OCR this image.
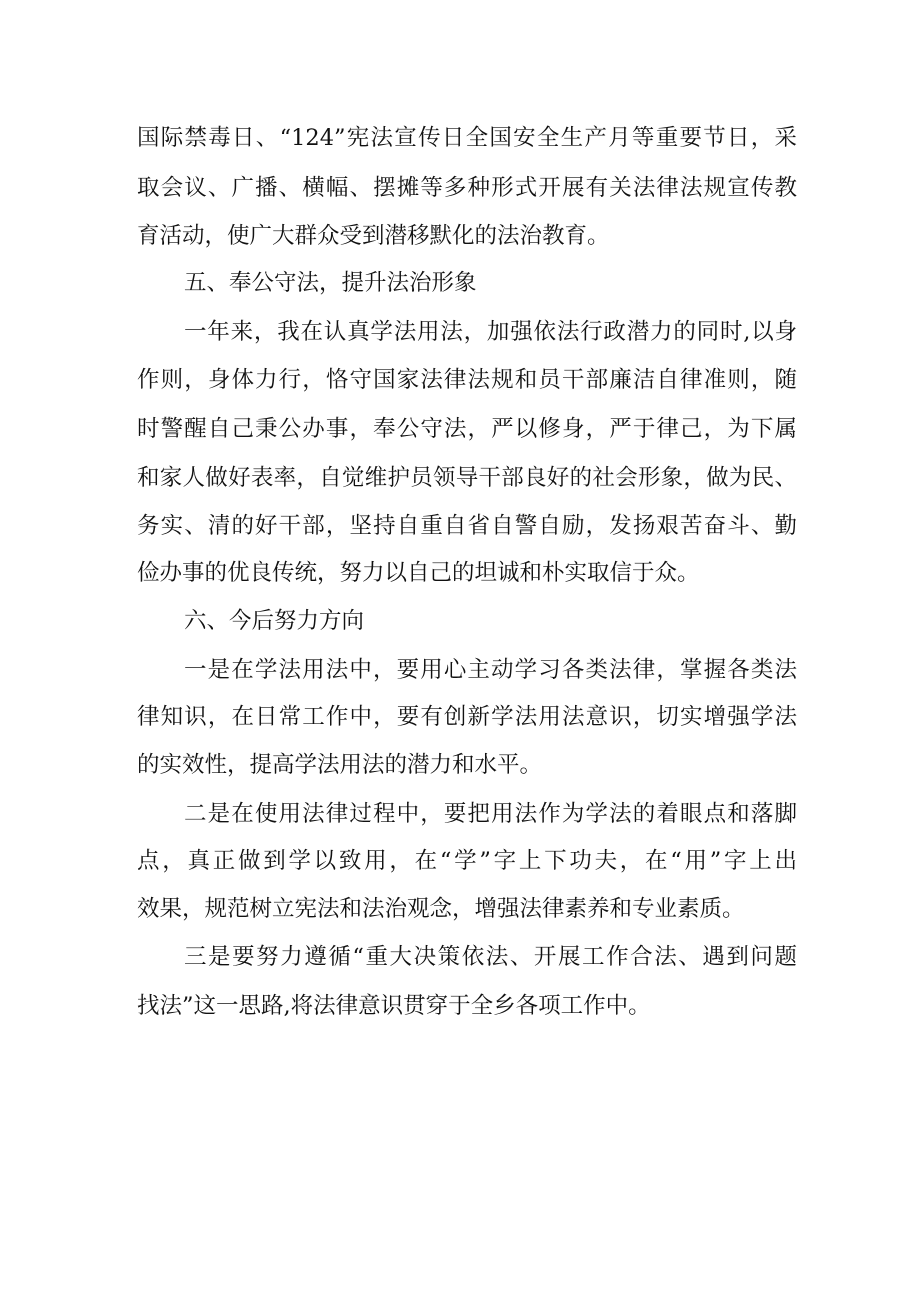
国际禁毒日、“124”宪法宣传日全国安全生产月等重要节日，采
取会议、广播、横幅、摆摊等多种形式开展有关法律法规宣传教
育活动，使广大群众受到潜移默化的法治教育。
五、奉公守法，提升法治形象
一年来，我在认真学法用法，加强依法行政潜力的同时,以身
作则，身体力行，恪守国家法律法规和员干部廉洁自律准则，随
时警醒自己秉公办事，奉公守法，严以修身，严于律己，为下属
和家人做好表率，自觉维护员领导干部良好的社会形象，做为民、
务实、清的好干部，坚持自重自省自警自励，发扬艰苦奋斗、勤
俭办事的优良传统，努力以自己的坦诚和朴实取信于众。
六、今后努力方向
一是在学法用法中，要用心主动学习各类法律，掌握各类法
律知识，在日常工作中，要有创新学法用法意识，切实增强学法
的实效性，提高学法用法的潜力和水平。
二是在使用法律过程中，要把用法作为学法的着眼点和落脚
点，真正做到学以致用，在“学”字上下功夫，在“用”字上出
效果，规范树立宪法和法治观念，增强法律素养和专业素质。
三是要努力遵循“重大决策依法、开展工作合法、遇到问题
找法”这一思路,将法律意识贯穿于全乡各项工作中。
